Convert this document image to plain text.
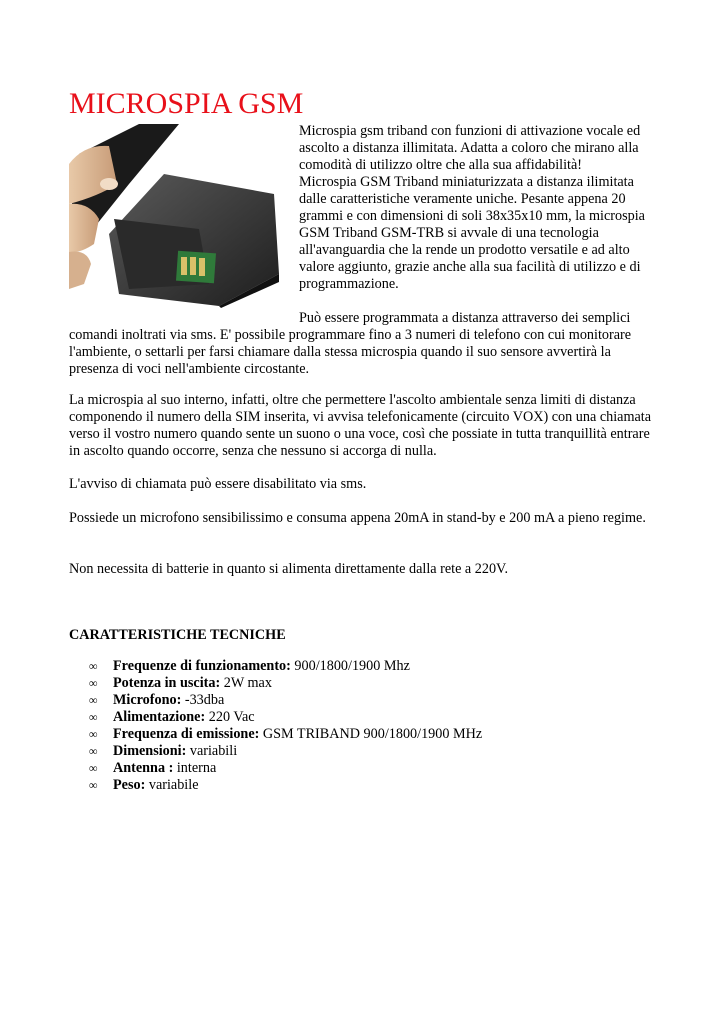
MICROSPIA GSM

Microspia gsm triband con funzioni di attivazione vocale ed ascolto a distanza illimitata. Adatta a coloro che mirano alla comodità di utilizzo oltre che alla sua affidabilità!

Microspia GSM Triband miniaturizzata a distanza ilimitata dalle caratteristiche veramente uniche. Pesante appena 20 grammi e con dimensioni di soli 38x35x10 mm, la microspia GSM Triband GSM-TRB si avvale di una tecnologia all'avanguardia che la rende un prodotto versatile e ad alto valore aggiunto, grazie anche alla sua facilità di utilizzo e di programmazione.

Può essere programmata a distanza attraverso dei semplici comandi inoltrati via sms. E' possibile programmare fino a 3 numeri di telefono con cui monitorare l'ambiente, o settarli per farsi chiamare dalla stessa microspia quando il suo sensore avvertirà la presenza di voci nell'ambiente circostante.

La microspia al suo interno, infatti, oltre che permettere l'ascolto ambientale senza limiti di distanza componendo il numero della SIM inserita, vi avvisa telefonicamente (circuito VOX) con una chiamata verso il vostro numero quando sente un suono o una voce, così che possiate in tutta tranquillità entrare in ascolto quando occorre, senza che nessuno si accorga di nulla.

L'avviso di chiamata può essere disabilitato via sms.

Possiede un microfono sensibilissimo e consuma appena 20mA in stand-by e 200 mA a pieno regime.

Non necessita di batterie in quanto si alimenta direttamente dalla rete a 220V.

CARATTERISTICHE TECNICHE

∞ Frequenze di funzionamento: 900/1800/1900 Mhz
∞ Potenza in uscita: 2W max
∞ Microfono: -33dba
∞ Alimentazione: 220 Vac
∞ Frequenza di emissione: GSM TRIBAND 900/1800/1900 MHz
∞ Dimensioni: variabili
∞ Antenna : interna
∞ Peso: variabile
